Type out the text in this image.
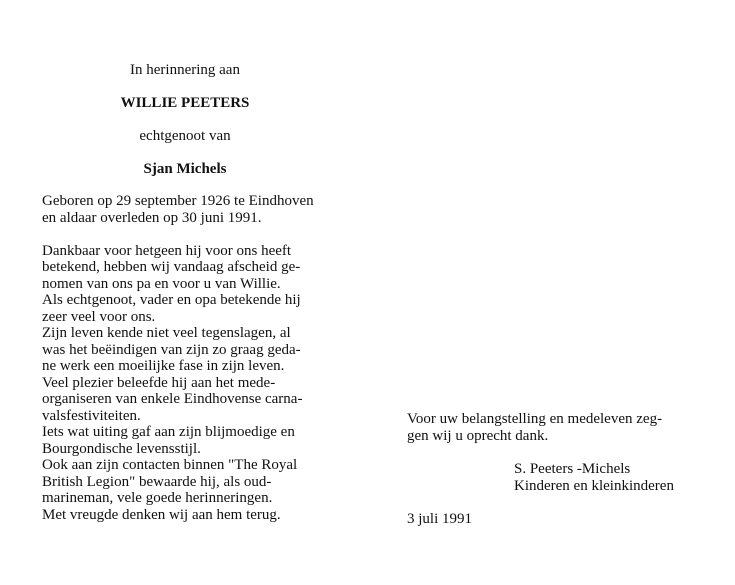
In herinnering aan
WILLIE PEETERS
echtgenoot van
Sjan Michels
Geboren op 29 september 1926 te Eindhoven
en aldaar overleden op 30 juni 1991.
Dankbaar voor hetgeen hij voor ons heeft
betekend, hebben wij vandaag afscheid ge-
nomen van ons pa en voor u van Willie.
Als echtgenoot, vader en opa betekende hij
zeer veel voor ons.
Zijn leven kende niet veel tegenslagen, al
was het beëindigen van zijn zo graag geda-
ne werk een moeilijke fase in zijn leven.
Veel plezier beleefde hij aan het mede-
organiseren van enkele Eindhovense carna-
valsfestiviteiten.
Iets wat uiting gaf aan zijn blijmoedige en
Bourgondische levensstijl.
Ook aan zijn contacten binnen "The Royal
British Legion" bewaarde hij, als oud-
marineman, vele goede herinneringen.
Met vreugde denken wij aan hem terug.
Voor uw belangstelling en medeleven zeg-
gen wij u oprecht dank.
S. Peeters -Michels
Kinderen en kleinkinderen
3 juli 1991
